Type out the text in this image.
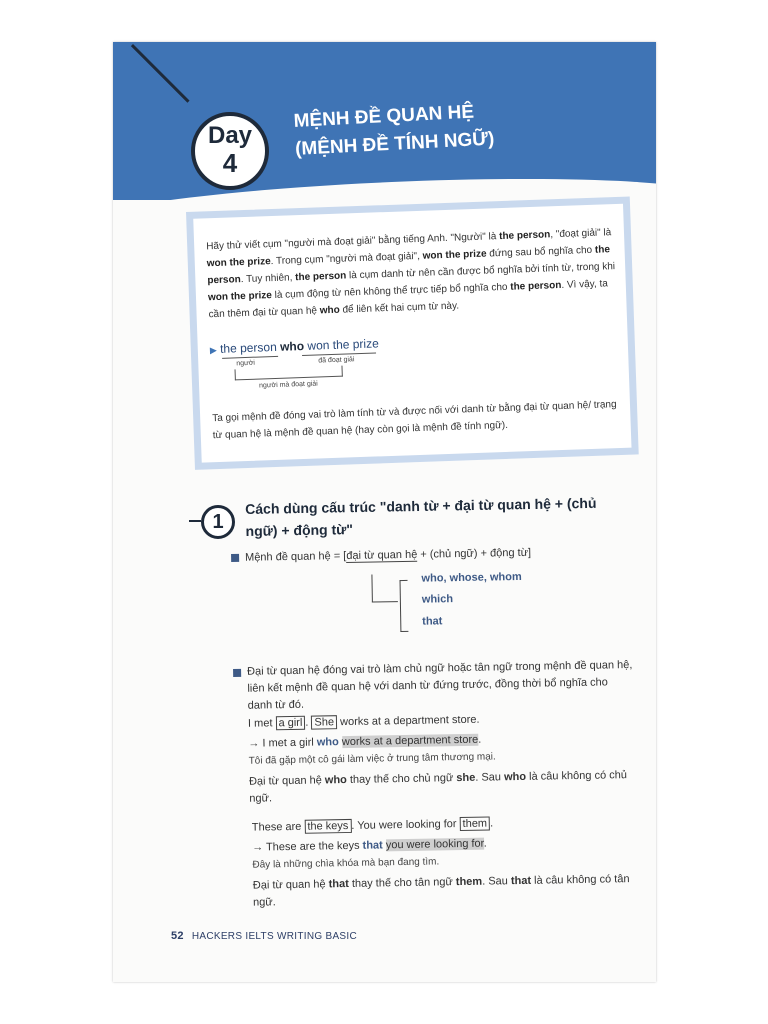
Day
4
MỆNH ĐỀ QUAN HỆ
(MỆNH ĐỀ TÍNH NGỮ)
Hãy thử viết cụm "người mà đoạt giải" bằng tiếng Anh. "Người" là the person, "đoạt giải" là won the prize. Trong cụm "người mà đoạt giải", won the prize đứng sau bổ nghĩa cho the person. Tuy nhiên, the person là cụm danh từ nên cần được bổ nghĩa bởi tính từ, trong khi won the prize là cụm động từ nên không thể trực tiếp bổ nghĩa cho the person. Vì vậy, ta cần thêm đại từ quan hệ who để liên kết hai cụm từ này.
▶ the person who won the prize
người	đã đoạt giải
người mà đoạt giải
Ta gọi mệnh đề đóng vai trò làm tính từ và được nối với danh từ bằng đại từ quan hệ/ trạng từ quan hệ là mệnh đề quan hệ (hay còn gọi là mệnh đề tính ngữ).
1
Cách dùng cấu trúc "danh từ + đại từ quan hệ + (chủ ngữ) + động từ"
Mệnh đề quan hệ = [đại từ quan hệ + (chủ ngữ) + động từ]
who, whose, whom
which
that
Đại từ quan hệ đóng vai trò làm chủ ngữ hoặc tân ngữ trong mệnh đề quan hệ, liên kết mệnh đề quan hệ với danh từ đứng trước, đồng thời bổ nghĩa cho danh từ đó.
I met a girl . She works at a department store.
→ I met a girl who works at a department store.
Tôi đã gặp một cô gái làm việc ở trung tâm thương mại.
Đại từ quan hệ who thay thế cho chủ ngữ she. Sau who là câu không có chủ ngữ.
These are the keys . You were looking for them .
→ These are the keys that you were looking for.
Đây là những chìa khóa mà bạn đang tìm.
Đại từ quan hệ that thay thế cho tân ngữ them. Sau that là câu không có tân ngữ.
52 HACKERS IELTS WRITING BASIC
